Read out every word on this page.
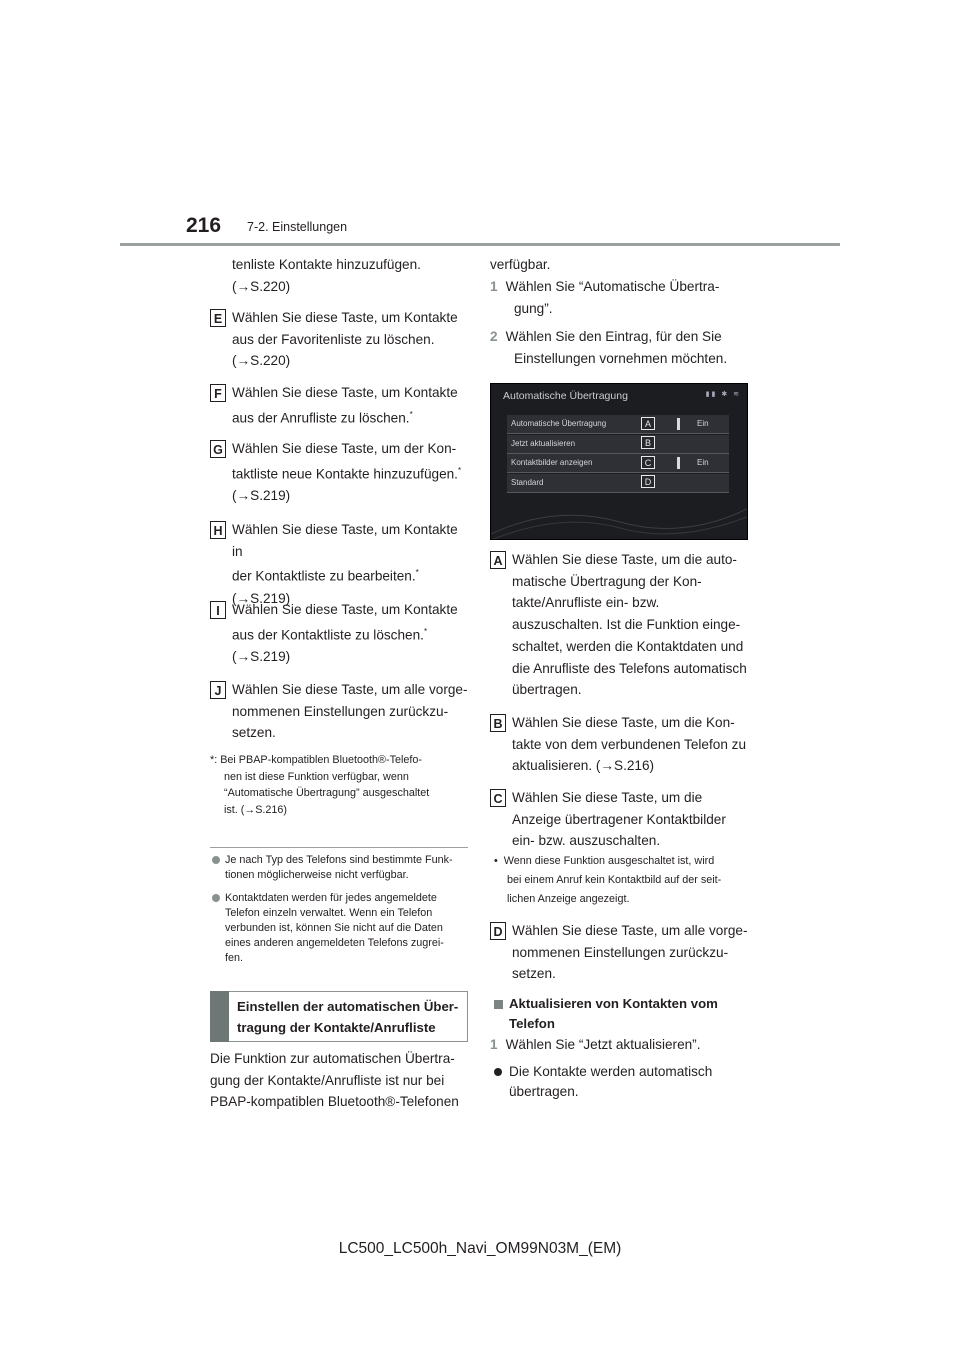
216 7-2. Einstellungen
tenliste Kontakte hinzuzufügen.
(→ S.220 )
E Wählen Sie diese Taste, um Kontakte
aus der Favoritenliste zu löschen.
(→ S.220 )
F Wählen Sie diese Taste, um Kontakte
aus der Anrufliste zu löschen.*
G Wählen Sie diese Taste, um der Kon-
taktliste neue Kontakte hinzuzufügen.*
(→ S.219 )
H Wählen Sie diese Taste, um Kontakte in
der Kontaktliste zu bearbeiten.*
(→ S.219 )
I Wählen Sie diese Taste, um Kontakte
aus der Kontaktliste zu löschen.*
(→ S.219 )
J Wählen Sie diese Taste, um alle vorge-
nommenen Einstellungen zurückzu-
setzen.
*: Bei PBAP-kompatiblen Bluetooth®-Telefo-
nen ist diese Funktion verfügbar, wenn
“Automatische Übertragung” ausgeschaltet
ist. (→ S.216 )
Je nach Typ des Telefons sind bestimmte Funk-
tionen möglicherweise nicht verfügbar.
Kontaktdaten werden für jedes angemeldete
Telefon einzeln verwaltet. Wenn ein Telefon
verbunden ist, können Sie nicht auf die Daten
eines anderen angemeldeten Telefons zugrei-
fen.
Einstellen der automatischen Über-
tragung der Kontakte/Anrufliste
Die Funktion zur automatischen Übertra-
gung der Kontakte/Anrufliste ist nur bei
PBAP-kompatiblen Bluetooth®-Telefonen
verfügbar.
1 Wählen Sie “Automatische Übertra-
gung”.
2 Wählen Sie den Eintrag, für den Sie
Einstellungen vornehmen möchten.
Automatische Übertragung	▮▮ ✱ ≋
Automatische Übertragung	Ein
Jetzt aktualisieren
Kontaktbilder anzeigen	Ein
Standard
A
B
C
D
A Wählen Sie diese Taste, um die auto-
matische Übertragung der Kon-
takte/Anrufliste ein- bzw.
auszuschalten. Ist die Funktion einge-
schaltet, werden die Kontaktdaten und
die Anrufliste des Telefons automatisch
übertragen.
B Wählen Sie diese Taste, um die Kon-
takte von dem verbundenen Telefon zu
aktualisieren. (→ S.216 )
C Wählen Sie diese Taste, um die
Anzeige übertragener Kontaktbilder
ein- bzw. auszuschalten.
D Wählen Sie diese Taste, um alle vorge-
nommenen Einstellungen zurückzu-
setzen.
• Wenn diese Funktion ausgeschaltet ist, wird
bei einem Anruf kein Kontaktbild auf der seit-
lichen Anzeige angezeigt.
Aktualisieren von Kontakten vom
Telefon
1 Wählen Sie “Jetzt aktualisieren”.
Die Kontakte werden automatisch
übertragen.
LC500_LC500h_Navi_OM99N03M_(EM)
